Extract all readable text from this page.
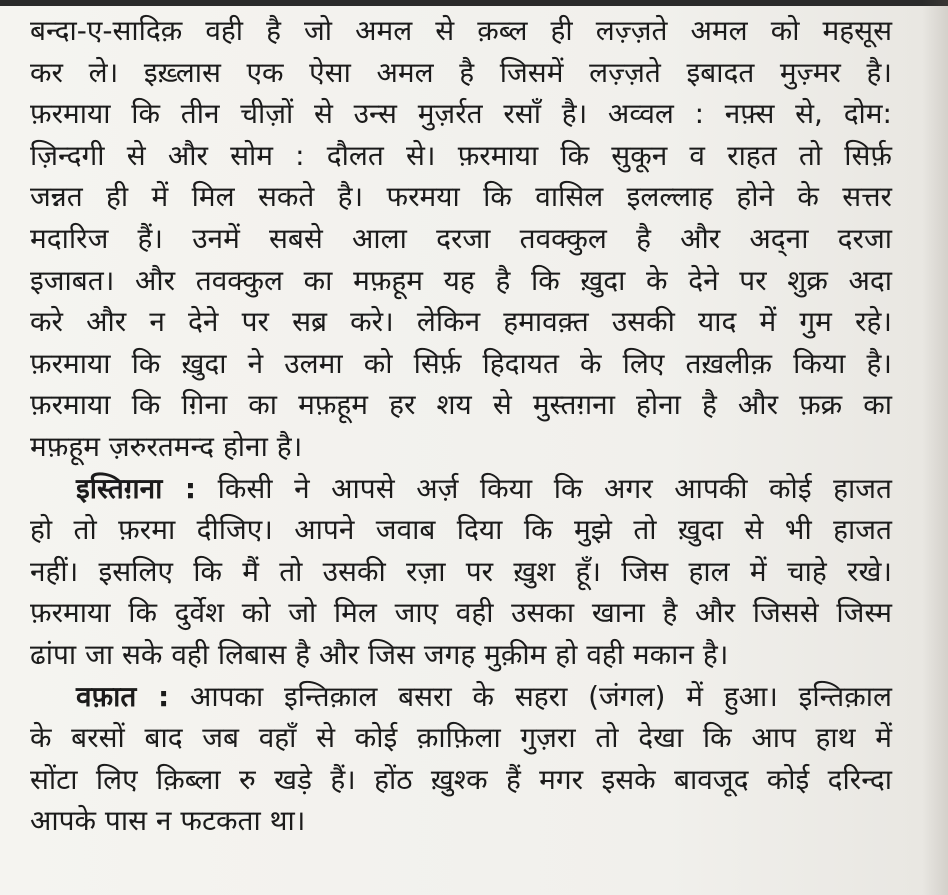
बन्दा-ए-सादिक़ वही है जो अमल से क़ब्ल ही लज़्ज़ते अमल को महसूस
कर ले। इख़्लास एक ऐसा अमल है जिसमें लज़्ज़ते इबादत मुज़्मर है।
फ़रमाया कि तीन चीज़ों से उन्स मुज़र्रत रसाँ है। अव्वल : नफ़्स से, दोम:
ज़िन्दगी से और सोम : दौलत से। फ़रमाया कि सुकून व राहत तो सिर्फ़
जन्नत ही में मिल सकते है। फरमया कि वासिल इलल्लाह होने के सत्तर
मदारिज हैं। उनमें सबसे आला दरजा तवक्कुल है और अद्ना दरजा
इजाबत। और तवक्कुल का मफ़हूम यह है कि ख़ुदा के देने पर शुक्र अदा
करे और न देने पर सब्र करे। लेकिन हमावक़्त उसकी याद में गुम रहे।
फ़रमाया कि ख़ुदा ने उलमा को सिर्फ़ हिदायत के लिए तख़लीक़ किया है।
फ़रमाया कि ग़िना का मफ़हूम हर शय से मुस्तग़ना होना है और फ़क्र का
मफ़हूम ज़रुरतमन्द होना है।
इस्तिग़ना : किसी ने आपसे अर्ज़ किया कि अगर आपकी कोई हाजत
हो तो फ़रमा दीजिए। आपने जवाब दिया कि मुझे तो ख़ुदा से भी हाजत
नहीं। इसलिए कि मैं तो उसकी रज़ा पर ख़ुश हूँ। जिस हाल में चाहे रखे।
फ़रमाया कि दुर्वेश को जो मिल जाए वही उसका खाना है और जिससे जिस्म
ढांपा जा सके वही लिबास है और जिस जगह मुक़ीम हो वही मकान है।
वफ़ात : आपका इन्तिक़ाल बसरा के सहरा (जंगल) में हुआ। इन्तिक़ाल
के बरसों बाद जब वहाँ से कोई क़ाफ़िला गुज़रा तो देखा कि आप हाथ में
सोंटा लिए क़िब्ला रु खड़े हैं। होंठ ख़ुश्क हैं मगर इसके बावजूद कोई दरिन्दा
आपके पास न फटकता था।
